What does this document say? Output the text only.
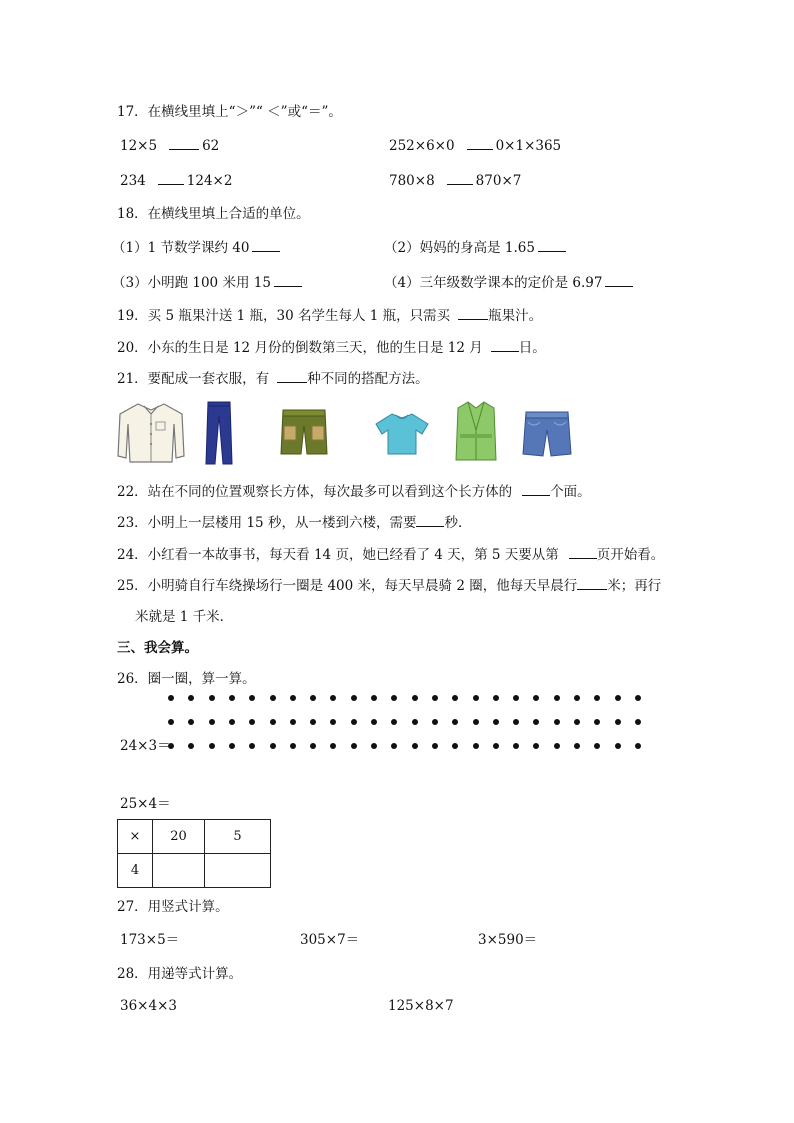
17．在横线里填上“＞”“ ＜”或“＝”。
12×5	62	252×6×0	0×1×365
234	124×2	780×8	870×7
18．在横线里填上合适的单位。
（1）1 节数学课约 40	（2）妈妈的身高是 1.65
（3）小明跑 100 米用 15	（4）三年级数学课本的定价是 6.97
19．买 5 瓶果汁送 1 瓶，30 名学生每人 1 瓶，只需买	瓶果汁。
20．小东的生日是 12 月份的倒数第三天，他的生日是 12 月	日。
21．要配成一套衣服，有	种不同的搭配方法。
22．站在不同的位置观察长方体，每次最多可以看到这个长方体的	个面。
23．小明上一层楼用 15 秒，从一楼到六楼，需要 秒．
24．小红看一本故事书，每天看 14 页，她已经看了 4 天，第 5 天要从第	页开始看。
25．小明骑自行车绕操场行一圈是 400 米，每天早晨骑 2 圈，他每天早晨行 米；再行
米就是 1 千米．
三、我会算。
26．圈一圈，算一算。
24×3＝
25×4＝
×	20	5
4		
27．用竖式计算。
173×5＝	305×7＝	3×590＝
28．用递等式计算。
36×4×3	125×8×7
